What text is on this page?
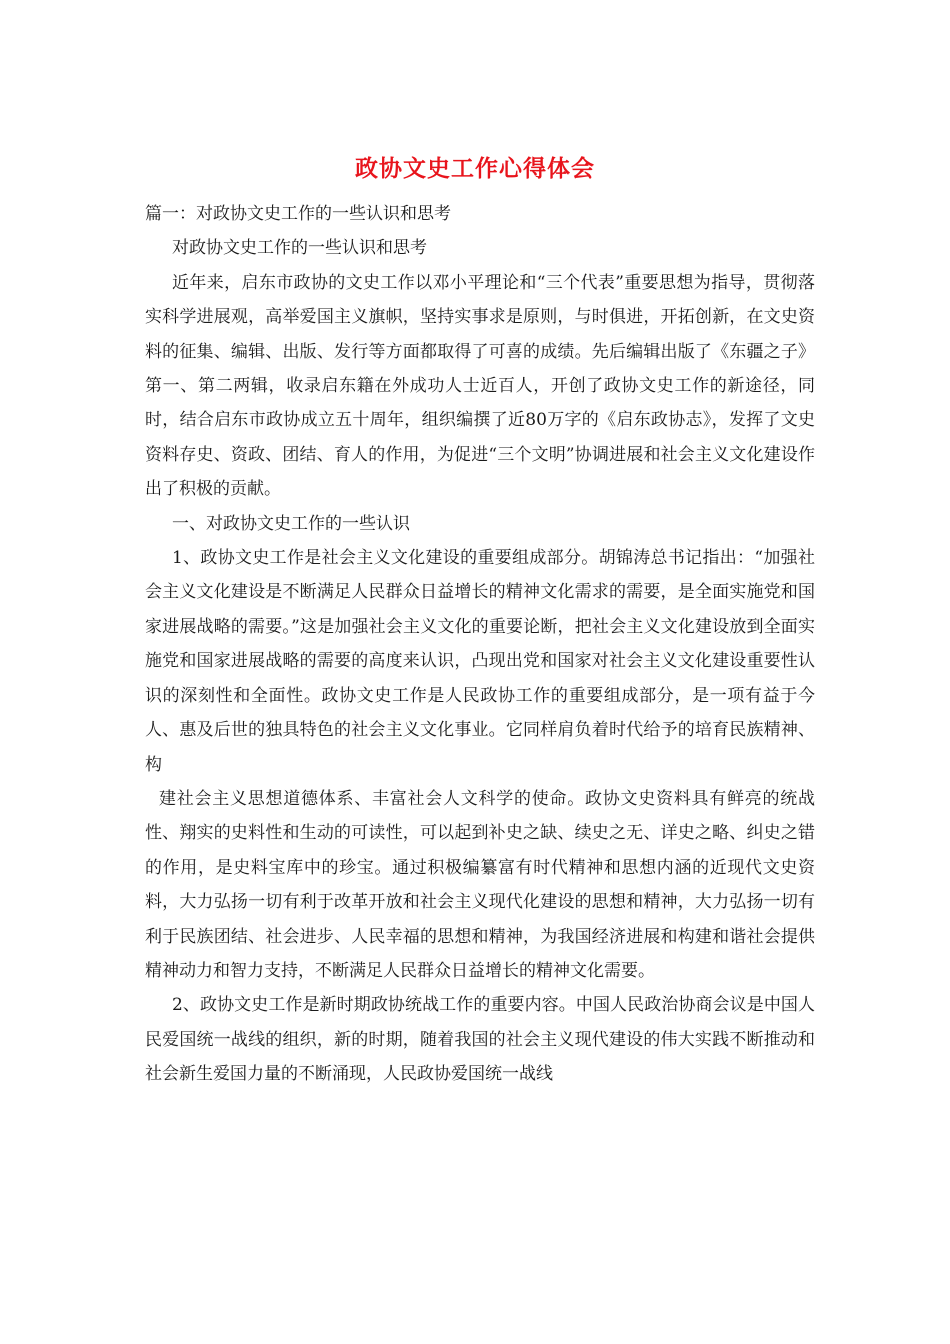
政协文史工作心得体会

篇一：对政协文史工作的一些认识和思考

对政协文史工作的一些认识和思考

近年来，启东市政协的文史工作以邓小平理论和“三个代表”重要思想为指导，贯彻落实科学进展观，高举爱国主义旗帜，坚持实事求是原则，与时俱进，开拓创新，在文史资料的征集、编辑、出版、发行等方面都取得了可喜的成绩。先后编辑出版了《东疆之子》第一、第二两辑，收录启东籍在外成功人士近百人，开创了政协文史工作的新途径，同时，结合启东市政协成立五十周年，组织编撰了近80万字的《启东政协志》，发挥了文史资料存史、资政、团结、育人的作用，为促进“三个文明”协调进展和社会主义文化建设作出了积极的贡献。

一、对政协文史工作的一些认识

1、政协文史工作是社会主义文化建设的重要组成部分。胡锦涛总书记指出：“加强社会主义文化建设是不断满足人民群众日益增长的精神文化需求的需要，是全面实施党和国家进展战略的需要。”这是加强社会主义文化的重要论断，把社会主义文化建设放到全面实施党和国家进展战略的需要的高度来认识，凸现出党和国家对社会主义文化建设重要性认识的深刻性和全面性。政协文史工作是人民政协工作的重要组成部分，是一项有益于今人、惠及后世的独具特色的社会主义文化事业。它同样肩负着时代给予的培育民族精神、构

建社会主义思想道德体系、丰富社会人文科学的使命。政协文史资料具有鲜亮的统战性、翔实的史料性和生动的可读性，可以起到补史之缺、续史之无、详史之略、纠史之错的作用，是史料宝库中的珍宝。通过积极编纂富有时代精神和思想内涵的近现代文史资料，大力弘扬一切有利于改革开放和社会主义现代化建设的思想和精神，大力弘扬一切有利于民族团结、社会进步、人民幸福的思想和精神，为我国经济进展和构建和谐社会提供精神动力和智力支持，不断满足人民群众日益增长的精神文化需要。

2、政协文史工作是新时期政协统战工作的重要内容。中国人民政治协商会议是中国人民爱国统一战线的组织，新的时期，随着我国的社会主义现代建设的伟大实践不断推动和社会新生爱国力量的不断涌现，人民政协爱国统一战线
